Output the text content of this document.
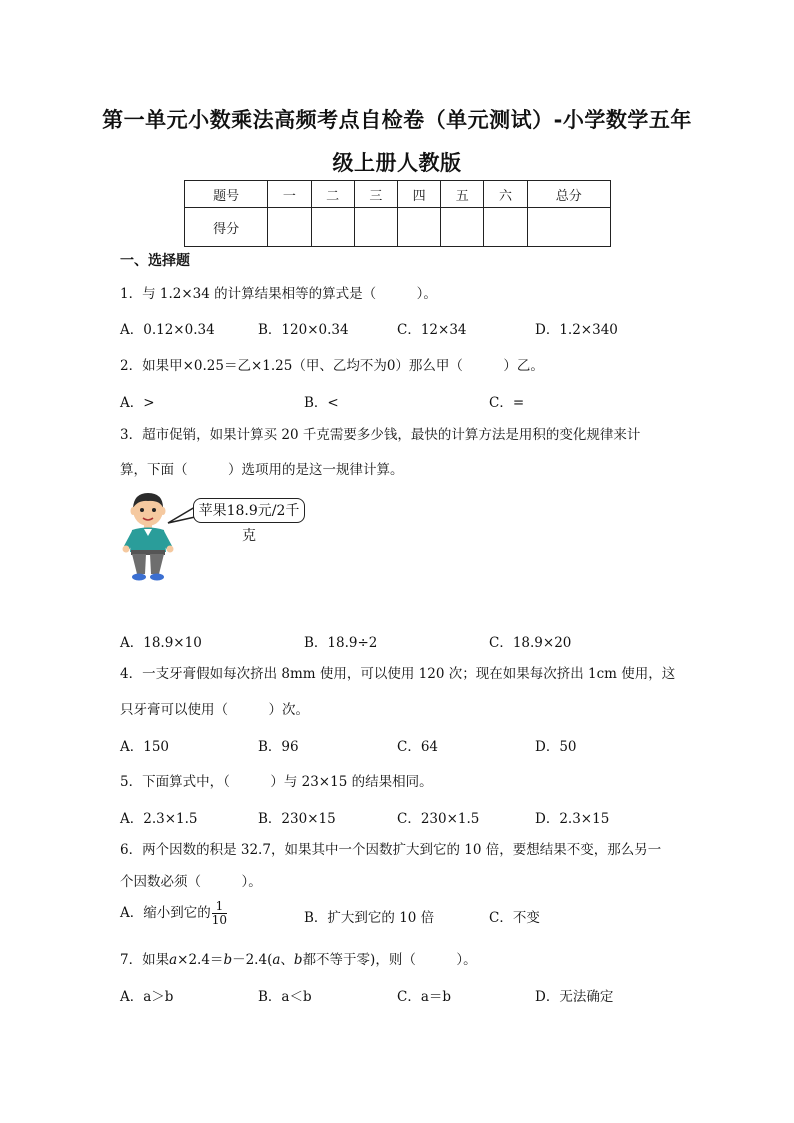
第一单元小数乘法高频考点自检卷（单元测试）-小学数学五年
级上册人教版
题号	一	二	三	四	五	六	总分
得分							
一、选择题
1．与 1.2×34 的计算结果相等的算式是（　　　）。
A．0.12×0.34	B．120×0.34	C．12×34	D．1.2×340
2．如果甲×0.25＝乙×1.25（甲、乙均不为0）那么甲（　　　）乙。
A．>	B．<	C．=
3．超市促销，如果计算买 20 千克需要多少钱，最快的计算方法是用积的变化规律来计
算，下面（　　　）选项用的是这一规律计算。
苹果18.9元/2千克
A．18.9×10	B．18.9÷2	C．18.9×20
4．一支牙膏假如每次挤出 8mm 使用，可以使用 120 次；现在如果每次挤出 1cm 使用，这
只牙膏可以使用（　　　）次。
A．150	B．96	C．64	D．50
5．下面算式中，（　　　）与 23×15 的结果相同。
A．2.3×1.5	B．230×15	C．230×1.5	D．2.3×15
6．两个因数的积是 32.7，如果其中一个因数扩大到它的 10 倍，要想结果不变，那么另一
个因数必须（　　　）。
A．缩小到它的 $\frac{1}{10}$	B．扩大到它的 10 倍	C．不变
7．如果a×2.4＝b－2.4(a、b都不等于零)，则（　　　）。
A．a＞b	B．a＜b	C．a＝b	D．无法确定
